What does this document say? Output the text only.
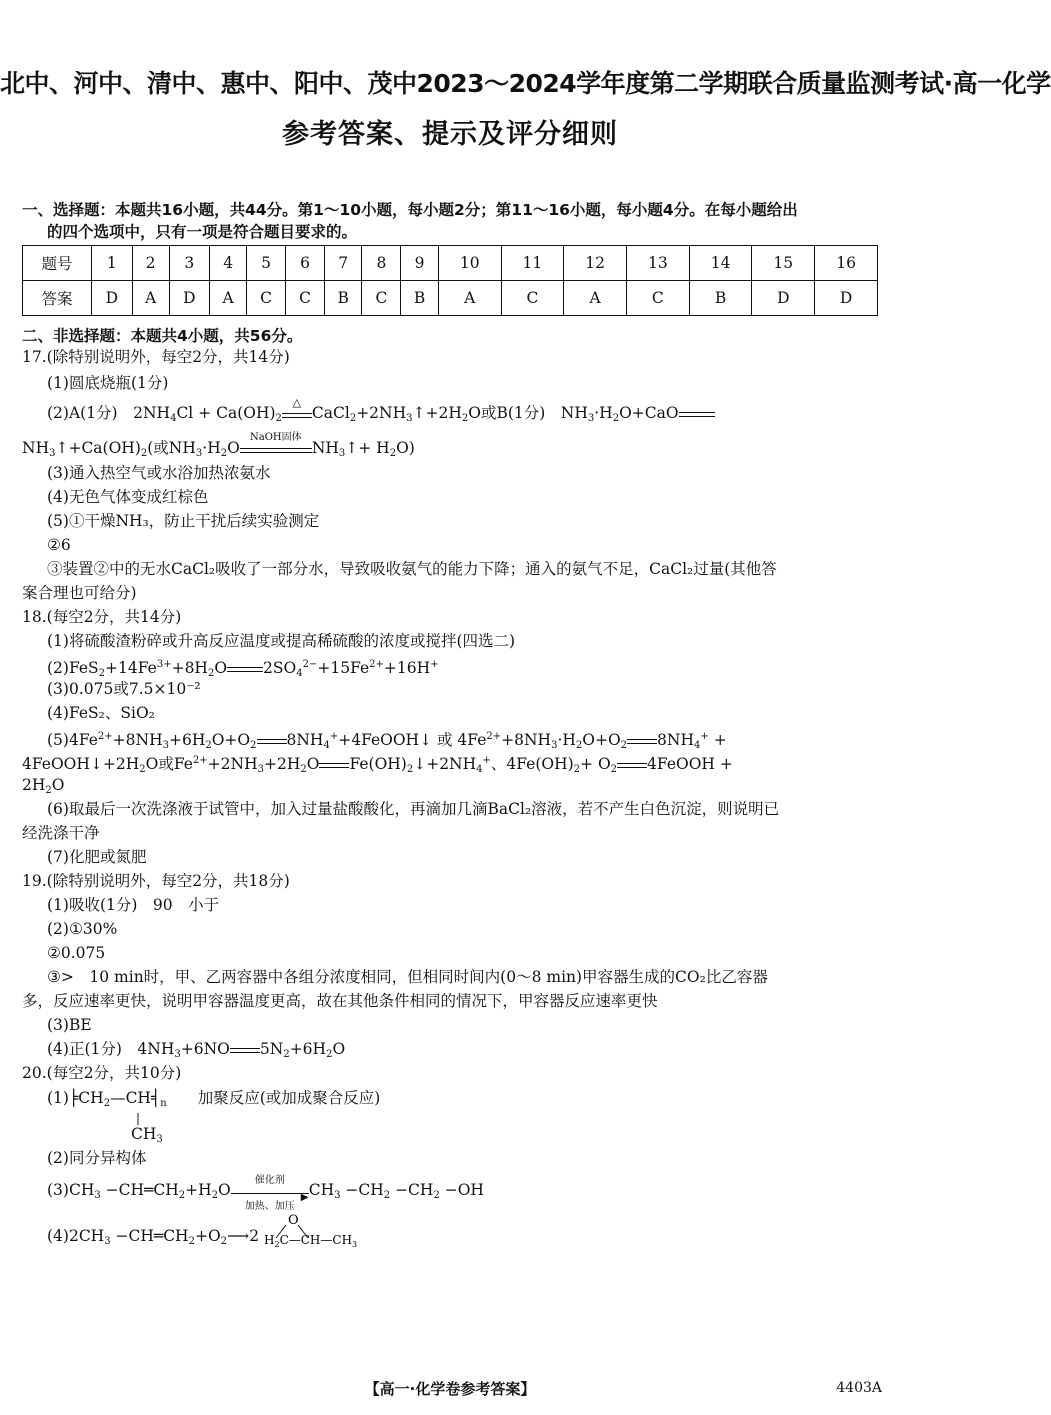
北中、河中、清中、惠中、阳中、茂中2023～2024学年度第二学期联合质量监测考试·高一化学
参考答案、提示及评分细则
一、选择题：本题共16小题，共44分。第1～10小题，每小题2分；第11～16小题，每小题4分。在每小题给出
的四个选项中，只有一项是符合题目要求的。
题号	1	2	3	4	5	6	7	8	9	10	11	12	13	14	15	16
答案	D	A	D	A	C	C	B	C	B	A	C	A	C	B	D	D
二、非选择题：本题共4小题，共56分。
17.(除特别说明外，每空2分，共14分)
(1)圆底烧瓶(1分)
(2)A(1分)　$2NH_4Cl + Ca(OH)_2$
△
$CaCl_2+2NH_3↑+2H_2O$或B(1分)　$NH_3\cdot H_2O+CaO$
$NH_3↑+Ca(OH)_2$(或$NH_3\cdot H_2O$
NaOH固体
$NH_3↑+ H_2O$)
(3)通入热空气或水浴加热浓氨水
(4)无色气体变成红棕色
(5)①干燥NH₃，防止干扰后续实验测定
②6
③装置②中的无水CaCl₂吸收了一部分水，导致吸收氨气的能力下降；通入的氨气不足，CaCl₂过量(其他答
案合理也可给分)
18.(每空2分，共14分)
(1)将硫酸渣粉碎或升高反应温度或提高稀硫酸的浓度或搅拌(四选二)
$(2)FeS_2+14Fe^{3+}+8H_2O$ $2SO_4^{2-}+15Fe^{2+}+16H^+$
(3)0.075或7.5×10⁻²
(4)FeS₂、SiO₂
$(5)4Fe^{2+}+8NH_3+6H_2O+O_2$ $8NH_4^++4FeOOH↓$ 或 $4Fe^{2+}+8NH_3\cdot H_2O+O_2$ $8NH_4^+$ +
$4FeOOH↓+2H_2O$或$Fe^{2+}+2NH_3+2H_2O$ $Fe(OH)_2↓+2NH_4^+$、$4Fe(OH)_2+ O_2$ 4FeOOH +
$2H_2O$
(6)取最后一次洗涤液于试管中，加入过量盐酸酸化，再滴加几滴BaCl₂溶液，若不产生白色沉淀，则说明已
经洗涤干净
(7)化肥或氮肥
19.(除特别说明外，每空2分，共18分)
(1)吸收(1分)　90　小于
(2)①30%
②0.075
③>　10 min时，甲、乙两容器中各组分浓度相同，但相同时间内(0～8 min)甲容器生成的CO₂比乙容器
多，反应速率更快，说明甲容器温度更高，故在其他条件相同的情况下，甲容器反应速率更快
(3)BE
(4)正(1分)　$4NH_3+6NO$ $5N_2+6H_2O$
20.(每空2分，共10分)
$(1)╞CH_2—CH╡_n$
|
$CH_3$
　　加聚反应(或加成聚合反应)
(2)同分异构体
$(3)CH_3$ $-CH═CH_2+H_2O$
催化剂
▶
加热、加压
$CH_3 -CH_2 -CH_2 -OH$
$(4)2CH_3$ $-CH═CH_2+O_2⟶2$
O
$H_2C—CH—CH_3$
【高一·化学卷参考答案】	4403A
